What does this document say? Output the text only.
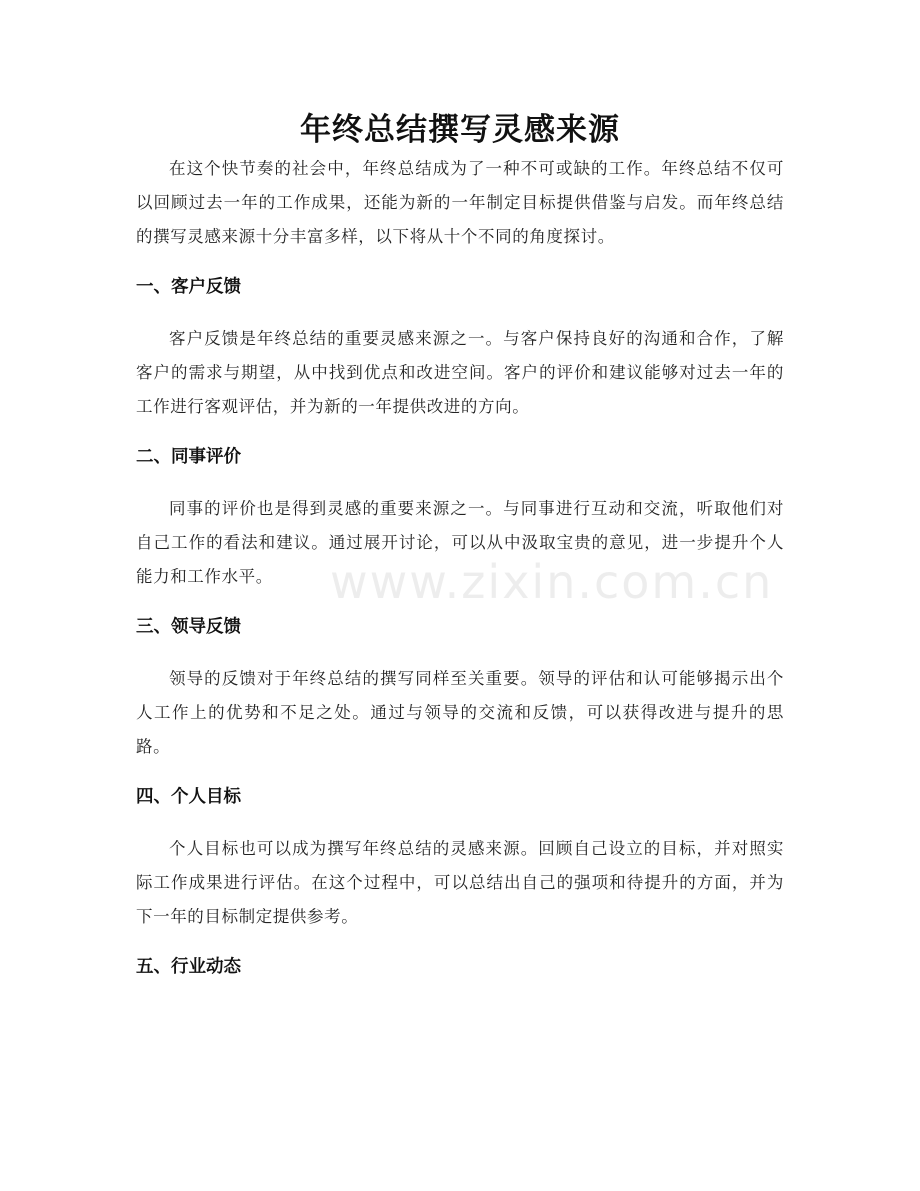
年终总结撰写灵感来源

在这个快节奏的社会中，年终总结成为了一种不可或缺的工作。年终总结不仅可以回顾过去一年的工作成果，还能为新的一年制定目标提供借鉴与启发。而年终总结的撰写灵感来源十分丰富多样，以下将从十个不同的角度探讨。

一、客户反馈

客户反馈是年终总结的重要灵感来源之一。与客户保持良好的沟通和合作，了解客户的需求与期望，从中找到优点和改进空间。客户的评价和建议能够对过去一年的工作进行客观评估，并为新的一年提供改进的方向。

二、同事评价

同事的评价也是得到灵感的重要来源之一。与同事进行互动和交流，听取他们对自己工作的看法和建议。通过展开讨论，可以从中汲取宝贵的意见，进一步提升个人能力和工作水平。

三、领导反馈

领导的反馈对于年终总结的撰写同样至关重要。领导的评估和认可能够揭示出个人工作上的优势和不足之处。通过与领导的交流和反馈，可以获得改进与提升的思路。

四、个人目标

个人目标也可以成为撰写年终总结的灵感来源。回顾自己设立的目标，并对照实际工作成果进行评估。在这个过程中，可以总结出自己的强项和待提升的方面，并为下一年的目标制定提供参考。

五、行业动态
www.zixin.com.cn
